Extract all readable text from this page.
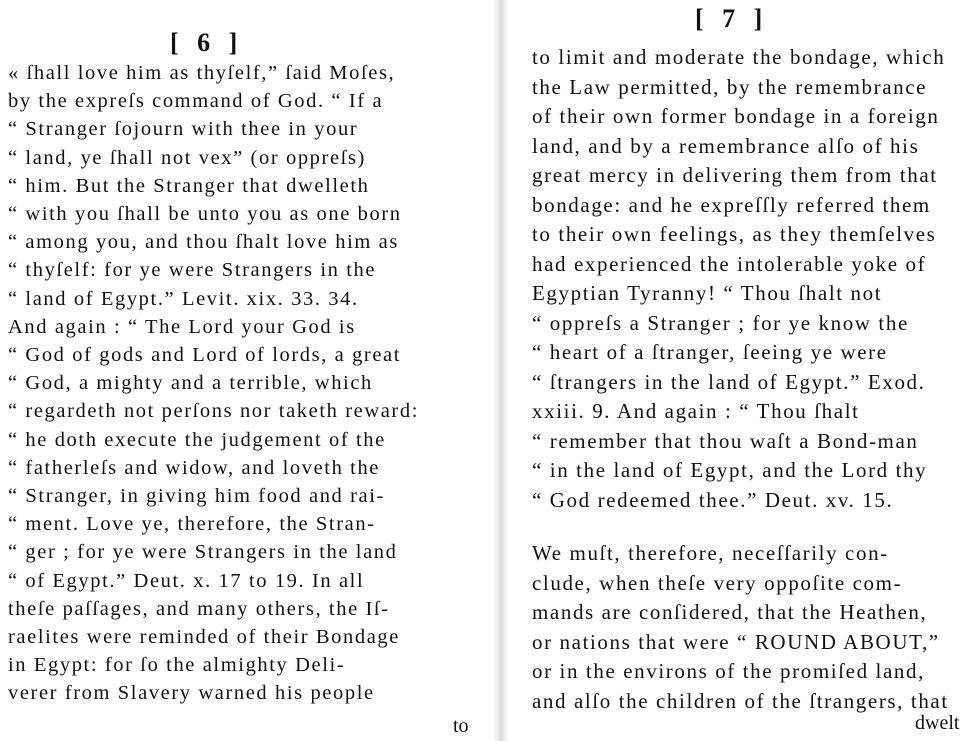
[ 6 ]
« ſhall love him as thyſelf,” ſaid Moſes,
by the expreſs command of God. “ If a
“ Stranger ſojourn with thee in your
“ land, ye ſhall not vex” (or oppreſs)
“ him. But the Stranger that dwelleth
“ with you ſhall be unto you as one born
“ among you, and thou ſhalt love him as
“ thyſelf: for ye were Strangers in the
“ land of Egypt.” Levit. xix. 33. 34.
And again : “ The Lord your God is
“ God of gods and Lord of lords, a great
“ God, a mighty and a terrible, which
“ regardeth not perſons nor taketh reward:
“ he doth execute the judgement of the
“ fatherleſs and widow, and loveth the
“ Stranger, in giving him food and rai-
“ ment. Love ye, therefore, the Stran-
“ ger ; for ye were Strangers in the land
“ of Egypt.” Deut. x. 17 to 19. In all
theſe paſſages, and many others, the Iſ-
raelites were reminded of their Bondage
in Egypt: for ſo the almighty Deli-
verer from Slavery warned his people
to
[ 7 ]
to limit and moderate the bondage, which
the Law permitted, by the remembrance
of their own former bondage in a foreign
land, and by a remembrance alſo of his
great mercy in delivering them from that
bondage: and he expreſſly referred them
to their own feelings, as they themſelves
had experienced the intolerable yoke of
Egyptian Tyranny! “ Thou ſhalt not
“ oppreſs a Stranger ; for ye know the
“ heart of a ſtranger, ſeeing ye were
“ ſtrangers in the land of Egypt.” Exod.
xxiii. 9. And again : “ Thou ſhalt
“ remember that thou waſt a Bond-man
“ in the land of Egypt, and the Lord thy
“ God redeemed thee.” Deut. xv. 15.
We muſt, therefore, neceſſarily con-
clude, when theſe very oppoſite com-
mands are conſidered, that the Heathen,
or nations that were “ ROUND ABOUT,”
or in the environs of the promiſed land,
and alſo the children of the ſtrangers, that
dwelt
